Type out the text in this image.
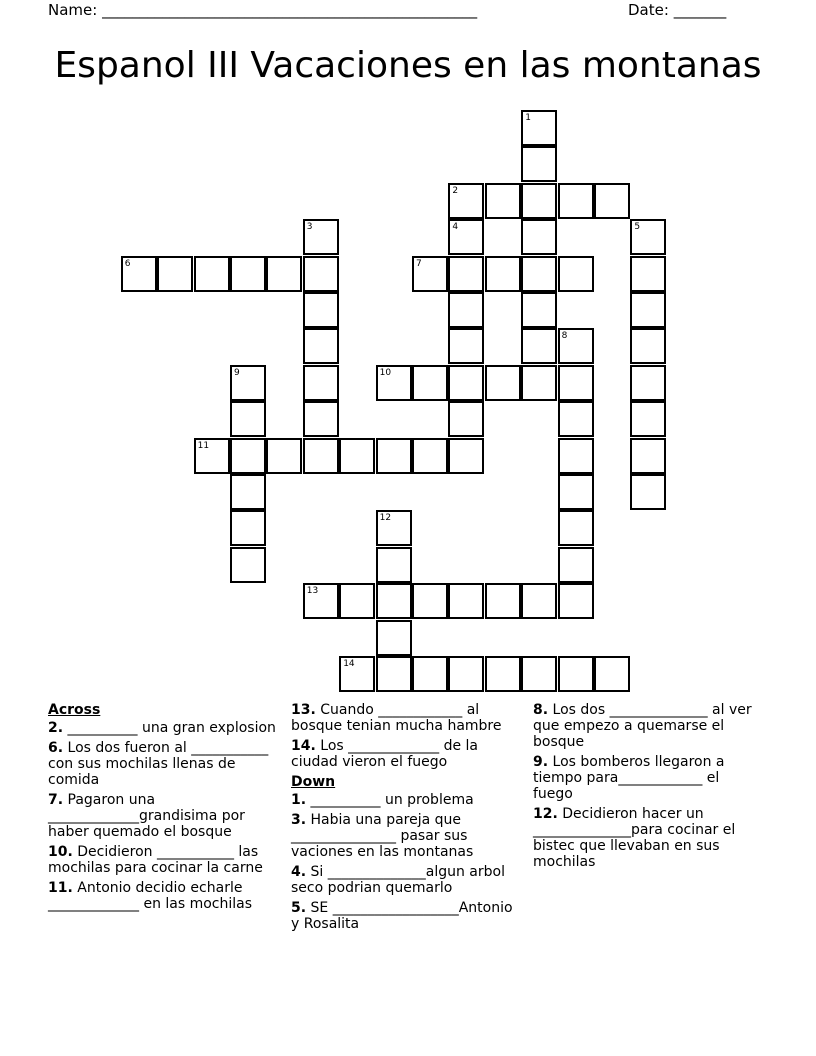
Name: __________________________________________________	Date: _______
Espanol III Vacaciones en las montanas
1
2
3	4	5
6	7
8
9	10
11
12
13
14
Across
2. __________ una gran explosion
6. Los dos fueron al ___________ con sus mochilas llenas de comida
7. Pagaron una _____________grandisima por haber quemado el bosque
10. Decidieron ___________ las mochilas para cocinar la carne
11. Antonio decidio echarle _____________ en las mochilas
13. Cuando ____________ al bosque tenian mucha hambre
14. Los _____________ de la ciudad vieron el fuego
Down
1. __________ un problema
3. Habia una pareja que _______________ pasar sus vaciones en las montanas
4. Si ______________algun arbol seco podrian quemarlo
5. SE __________________Antonio y Rosalita
8. Los dos ______________ al ver que empezo a quemarse el bosque
9. Los bomberos llegaron a tiempo para____________ el fuego
12. Decidieron hacer un ______________para cocinar el bistec que llevaban en sus mochilas
